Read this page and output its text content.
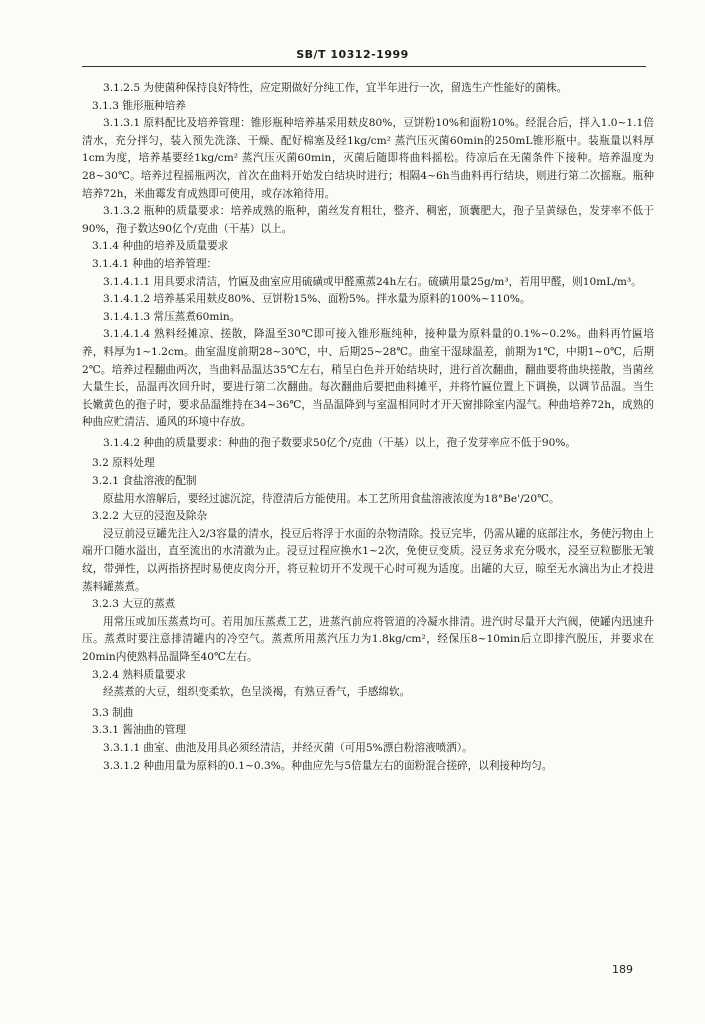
SB/T 10312-1999

3.1.2.5 为使菌种保持良好特性，应定期做好分纯工作，宜半年进行一次，留选生产性能好的菌株。

3.1.3 锥形瓶种培养

3.1.3.1 原料配比及培养管理：锥形瓶种培养基采用麸皮80%，豆饼粉10%和面粉10%。经混合后，拌入1.0~1.1倍清水，充分拌匀，装入预先洗涤、干燥、配好棉塞及经1kg/cm² 蒸汽压灭菌60min的250mL锥形瓶中。装瓶量以料厚1cm为度，培养基要经1kg/cm² 蒸汽压灭菌60min，灭菌后随即将曲料摇松。待凉后在无菌条件下接种。培养温度为28~30℃。培养过程摇瓶两次，首次在曲料开始发白结块时进行；相隔4~6h当曲料再行结块，则进行第二次摇瓶。瓶种培养72h，米曲霉发育成熟即可使用，或存冰箱待用。

3.1.3.2 瓶种的质量要求：培养成熟的瓶种，菌丝发育粗壮，整齐、稠密，顶囊肥大，孢子呈黄绿色，发芽率不低于90%，孢子数达90亿个/克曲（干基）以上。

3.1.4 种曲的培养及质量要求

3.1.4.1 种曲的培养管理：

3.1.4.1.1 用具要求清洁，竹匾及曲室应用硫磺或甲醛熏蒸24h左右。硫磺用量25g/m³，若用甲醛，则10mL/m³。

3.1.4.1.2 培养基采用麸皮80%、豆饼粉15%、面粉5%。拌水量为原料的100%~110%。

3.1.4.1.3 常压蒸煮60min。

3.1.4.1.4 熟料经摊凉、搓散，降温至30℃即可接入锥形瓶纯种，接种量为原料量的0.1%~0.2%。曲料再竹匾培养，料厚为1~1.2cm。曲室温度前期28~30℃，中、后期25~28℃。曲室干湿球温差，前期为1℃，中期1~0℃，后期2℃。培养过程翻曲两次，当曲料品温达35℃左右，稍呈白色并开始结块时，进行首次翻曲，翻曲要将曲块搓散，当菌丝大量生长，品温再次回升时，要进行第二次翻曲。每次翻曲后要把曲料摊平，并将竹匾位置上下调换，以调节品温。当生长嫩黄色的孢子时，要求品温维持在34~36℃，当品温降到与室温相同时才开天窗排除室内湿气。种曲培养72h，成熟的种曲应贮清洁、通风的环境中存放。

3.1.4.2 种曲的质量要求：种曲的孢子数要求50亿个/克曲（干基）以上，孢子发芽率应不低于90%。

3.2 原料处理

3.2.1 食盐溶液的配制

原盐用水溶解后，要经过滤沉淀，待澄清后方能使用。本工艺所用食盐溶液浓度为18°Be'/20℃。

3.2.2 大豆的浸泡及除杂

浸豆前浸豆罐先注入2/3容量的清水，投豆后将浮于水面的杂物清除。投豆完毕，仍需从罐的底部注水，务使污物由上端开口随水溢出，直至流出的水清澈为止。浸豆过程应换水1~2次，免使豆变质。浸豆务求充分吸水，浸至豆粒膨胀无皱纹，带弹性，以两指挤捏时易使皮肉分开，将豆粒切开不发现干心时可视为适度。出罐的大豆，晾至无水滴出为止才投进蒸料罐蒸煮。

3.2.3 大豆的蒸煮

用常压或加压蒸煮均可。若用加压蒸煮工艺，进蒸汽前应将管道的冷凝水排清。进汽时尽量开大汽阀，使罐内迅速升压。蒸煮时要注意排清罐内的冷空气。蒸煮所用蒸汽压力为1.8kg/cm²，经保压8~10min后立即排汽脱压，并要求在20min内使熟料品温降至40℃左右。

3.2.4 熟料质量要求

经蒸煮的大豆，组织变柔软，色呈淡褐，有熟豆香气，手感绵软。

3.3 制曲

3.3.1 酱油曲的管理

3.3.1.1 曲室、曲池及用具必须经清洁，并经灭菌（可用5%漂白粉溶液喷洒）。

3.3.1.2 种曲用量为原料的0.1~0.3%。种曲应先与5倍量左右的面粉混合搓碎，以利接种均匀。

189
